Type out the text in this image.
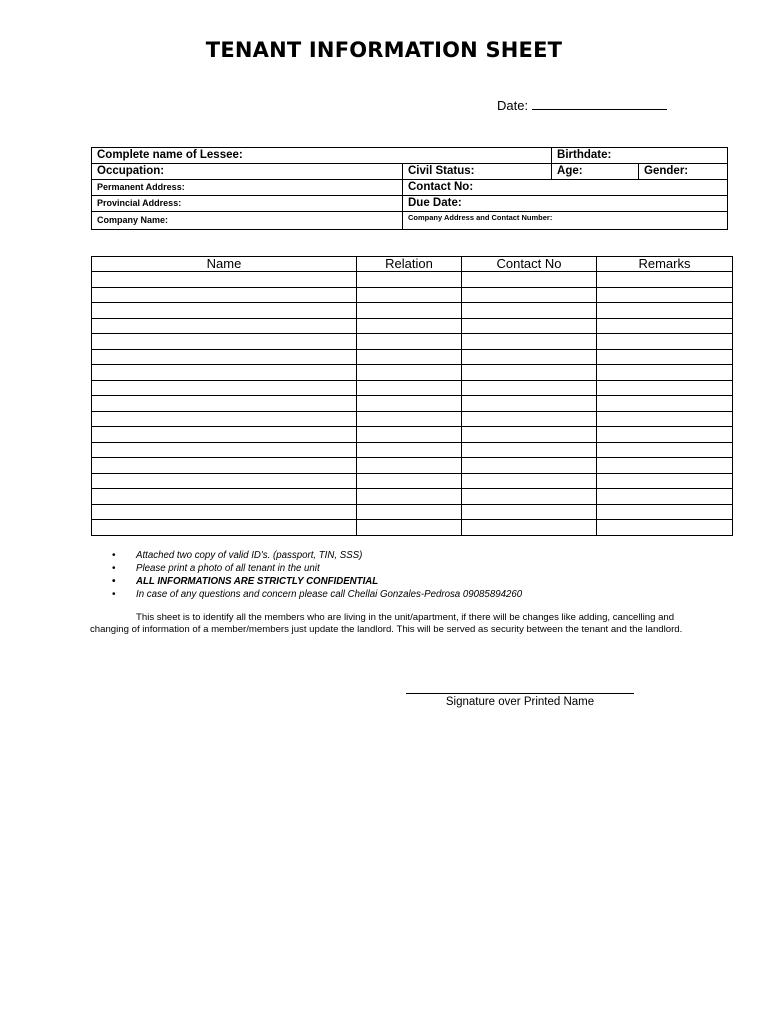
TENANT INFORMATION SHEET
Date:
Complete name of Lessee:		Birthdate:	
Occupation:	Civil Status:	Age:	Gender:
Permanent Address:	Contact No:		
Provincial Address:	Due Date:		
Company Name:	Company Address and Contact Number:		
Name	Relation	Contact No	Remarks

• Attached two copy of valid ID's. (passport, TIN, SSS)
• Please print a photo of all tenant in the unit
• ALL INFORMATIONS ARE STRICTLY CONFIDENTIAL
• In case of any questions and concern please call Chellai Gonzales-Pedrosa 09085894260
This sheet is to identify all the members who are living in the unit/apartment, if there will be changes like adding, cancelling and changing of information of a member/members just update the landlord. This will be served as security between the tenant and the landlord.
Signature over Printed Name
